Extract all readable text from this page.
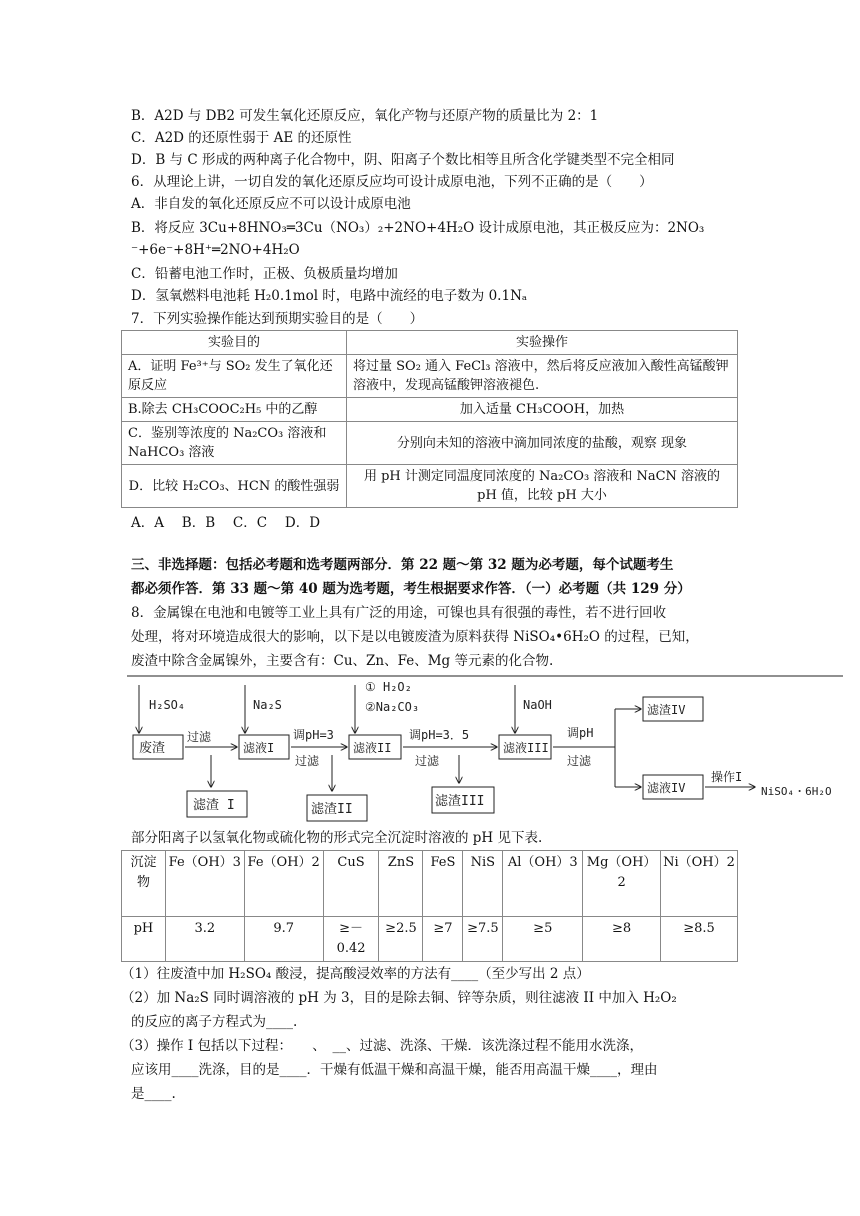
B．A2D 与 DB2 可发生氧化还原反应，氧化产物与还原产物的质量比为 2：1
C．A2D 的还原性弱于 AE 的还原性
D．B 与 C 形成的两种离子化合物中，阴、阳离子个数比相等且所含化学键类型不完全相同
6．从理论上讲，一切自发的氧化还原反应均可设计成原电池，下列不正确的是（　　）
A．非自发的氧化还原反应不可以设计成原电池
B．将反应 3Cu+8HNO₃═3Cu（NO₃）₂+2NO+4H₂O 设计成原电池，其正极反应为：2NO₃
⁻+6e⁻+8H⁺═2NO+4H₂O
C．铅蓄电池工作时，正极、负极质量均增加
D．氢氧燃料电池耗 H₂0.1mol 时，电路中流经的电子数为 0.1Nₐ
7．下列实验操作能达到预期实验目的是（　　）
实验目的	实验操作
A．证明 Fe³⁺与 SO₂ 发生了氧化还原反应	将过量 SO₂ 通入 FeCl₃ 溶液中，然后将反应液加入酸性高锰酸钾溶液中，发现高锰酸钾溶液褪色.
B.除去 CH₃COOC₂H₅ 中的乙醇	加入适量 CH₃COOH，加热
C．鉴别等浓度的 Na₂CO₃ 溶液和 NaHCO₃ 溶液	分别向未知的溶液中滴加同浓度的盐酸，观察 现象
D．比较 H₂CO₃、HCN 的酸性强弱	用 pH 计测定同温度同浓度的 Na₂CO₃ 溶液和 NaCN 溶液的 pH 值，比较 pH 大小
A．A　 B．B　 C．C　 D．D
三、非选择题：包括必考题和选考题两部分．第 22 题～第 32 题为必考题，每个试题考生
都必须作答．第 33 题～第 40 题为选考题，考生根据要求作答．（一）必考题（共 129 分）
8．金属镍在电池和电镀等工业上具有广泛的用途，可镍也具有很强的毒性，若不进行回收
处理，将对环境造成很大的影响，以下是以电镀废渣为原料获得 NiSO₄•6H₂O 的过程，已知，
废渣中除含金属镍外，主要含有：Cu、Zn、Fe、Mg 等元素的化合物.
H₂SO₄
废渣
过滤
Na₂S
滤液I
滤渣 I
调pH=3
过滤
滤液II
滤渣II
① H₂O₂
②Na₂CO₃
调pH=3．5
过滤
滤渣III
NaOH
滤液III
调pH
过滤
滤渣IV
滤液IV
操作I
NiSO₄・6H₂O
部分阳离子以氢氧化物或硫化物的形式完全沉淀时溶液的 pH 见下表.
沉淀物	Fe（OH）3	Fe（OH）2	CuS	ZnS	FeS	NiS	Al（OH）3	Mg（OH）2	Ni（OH）2
pH	3.2	9.7	≥－0.42	≥2.5	≥7	≥7.5	≥5	≥8	≥8.5
（1）往废渣中加 H₂SO₄ 酸浸，提高酸浸效率的方法有____（至少写出 2 点）
（2）加 Na₂S 同时调溶液的 pH 为 3，目的是除去铜、锌等杂质，则往滤液 II 中加入 H₂O₂
的反应的离子方程式为____.
（3）操作 I 包括以下过程：　　、　__、过滤、洗涤、干燥．该洗涤过程不能用水洗涤，
应该用____洗涤，目的是____．干燥有低温干燥和高温干燥，能否用高温干燥____，理由
是____.
